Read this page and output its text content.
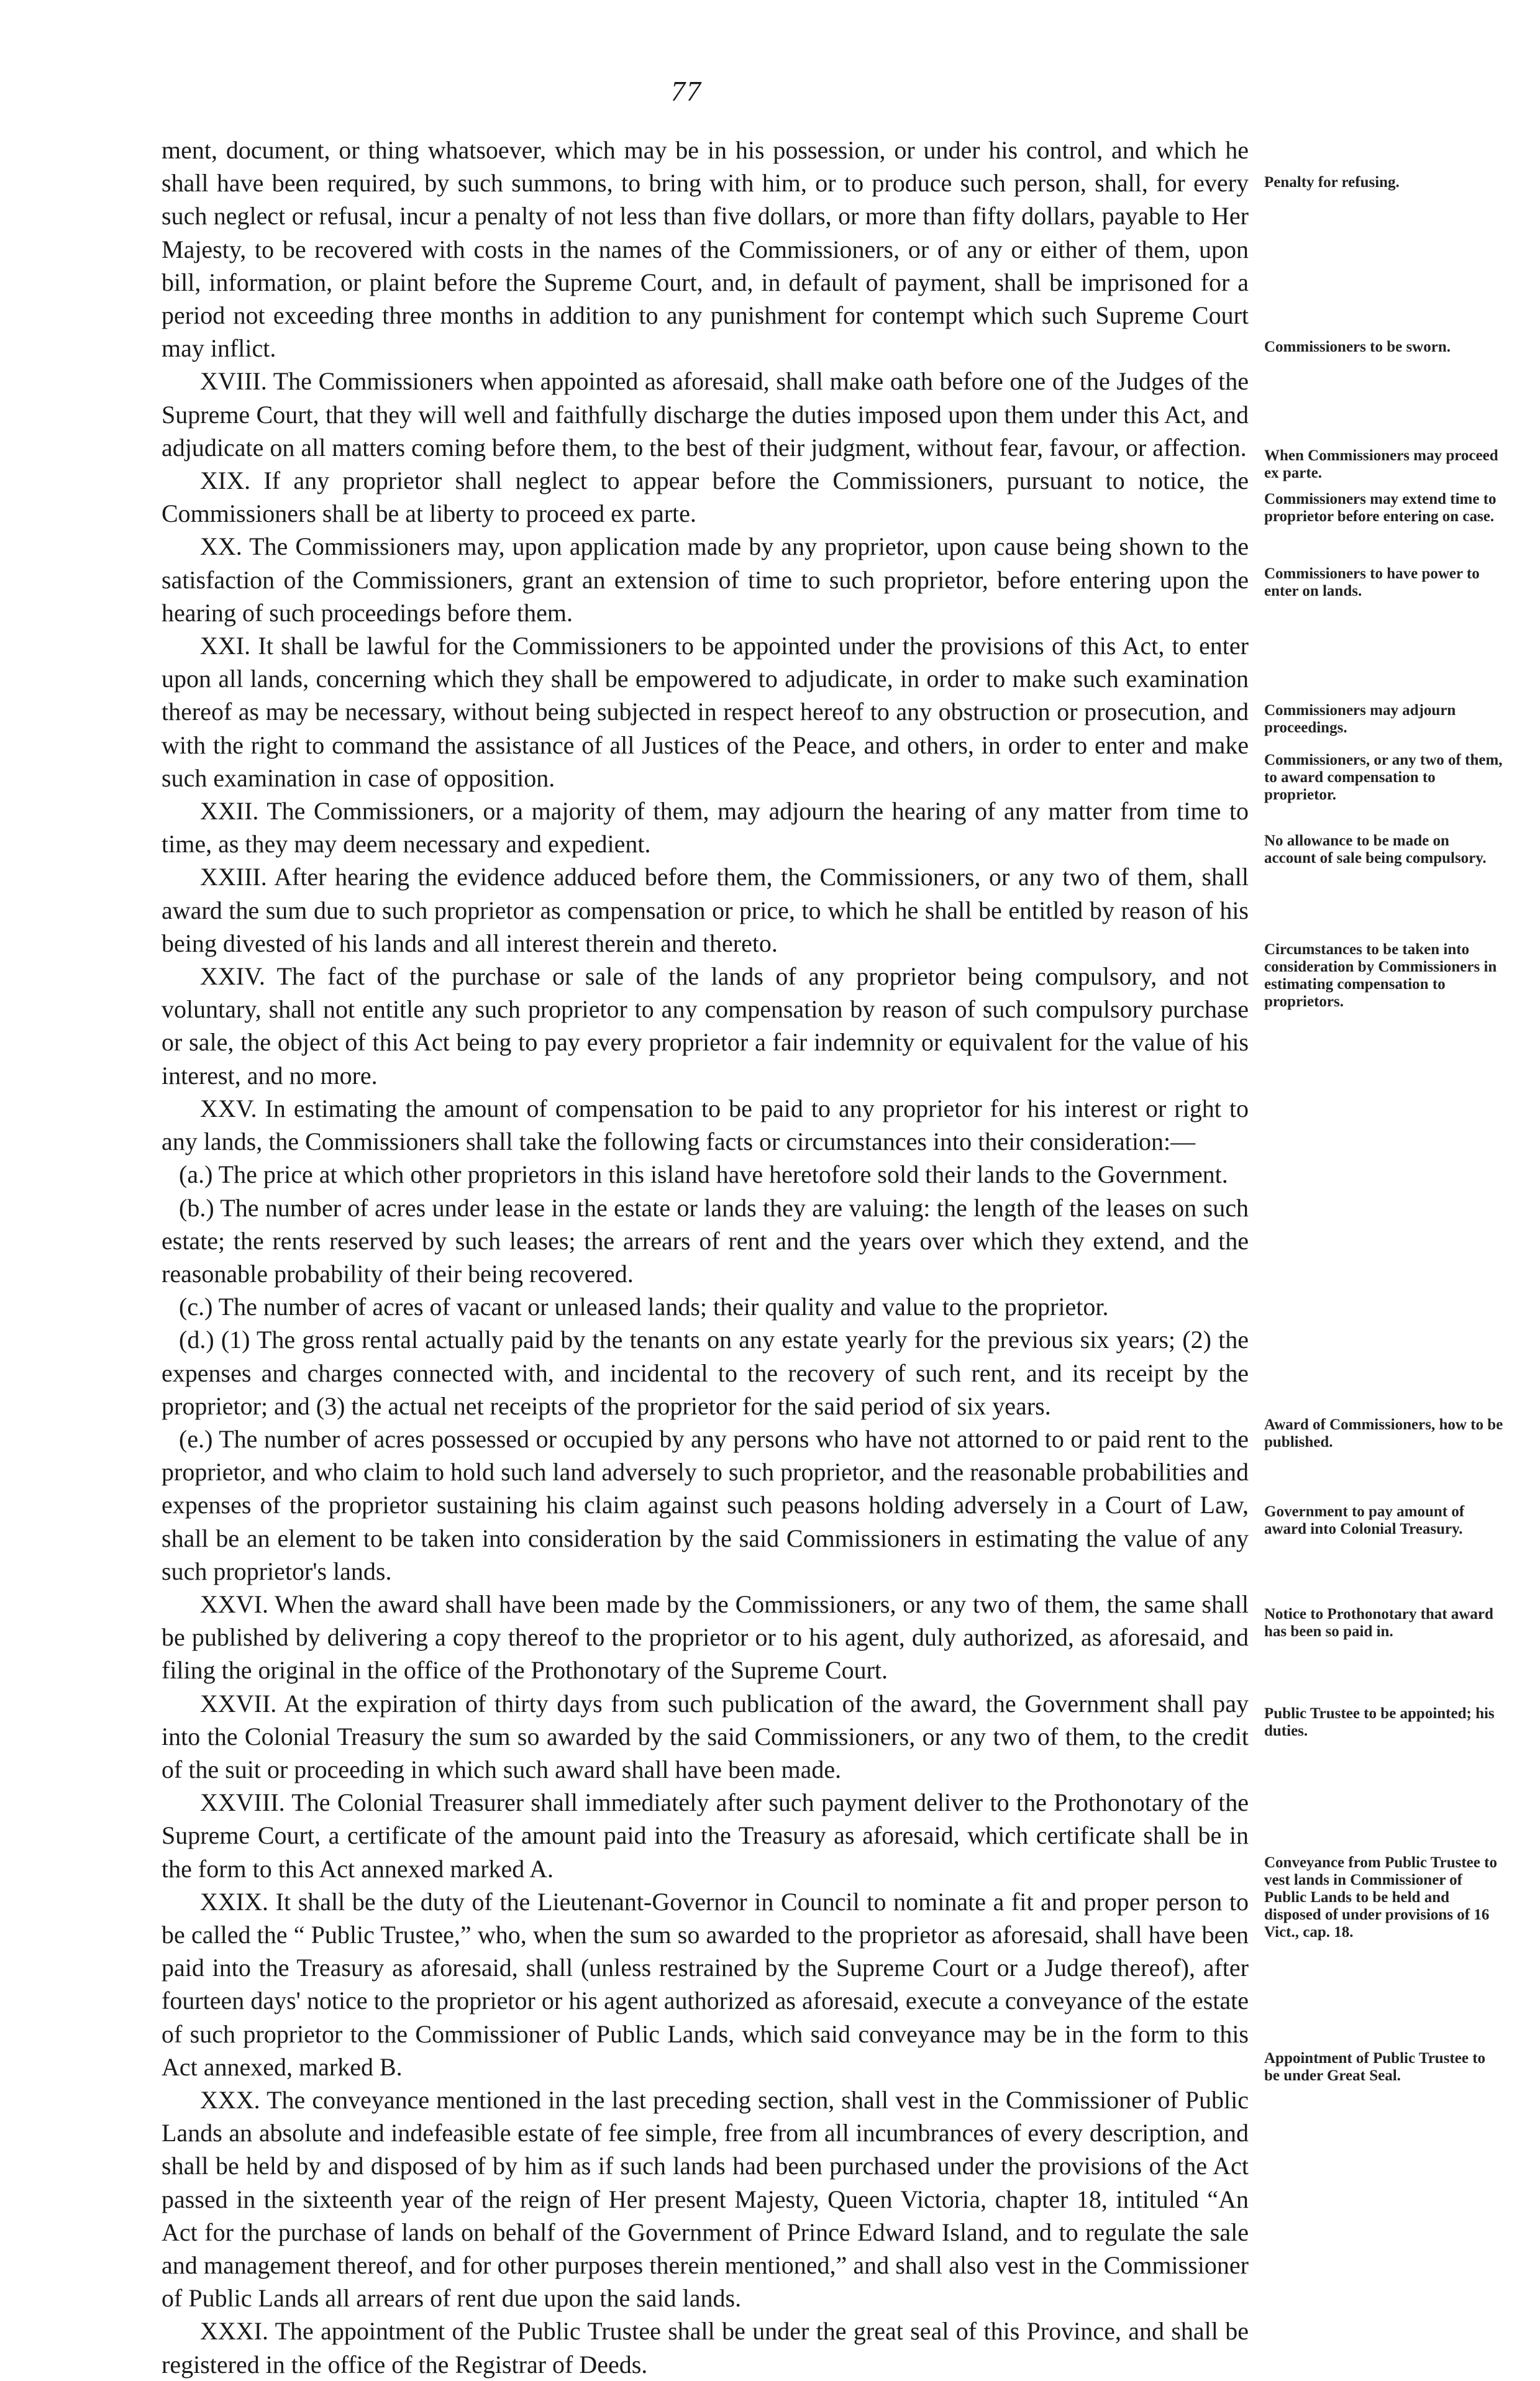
77

ment, document, or thing whatsoever, which may be in his possession, or under his control, and which he shall have been required, by such summons, to bring with him, or to produce such person, shall, for every such neglect or refusal, incur a penalty of not less than five dollars, or more than fifty dollars, payable to Her Majesty, to be recovered with costs in the names of the Commissioners, or of any or either of them, upon bill, information, or plaint before the Supreme Court, and, in default of payment, shall be imprisoned for a period not exceeding three months in addition to any punishment for contempt which such Supreme Court may inflict.

XVIII. The Commissioners when appointed as aforesaid, shall make oath before one of the Judges of the Supreme Court, that they will well and faithfully discharge the duties imposed upon them under this Act, and adjudicate on all matters coming before them, to the best of their judgment, without fear, favour, or affection.

XIX. If any proprietor shall neglect to appear before the Commissioners, pursuant to notice, the Commissioners shall be at liberty to proceed ex parte.

XX. The Commissioners may, upon application made by any proprietor, upon cause being shown to the satisfaction of the Commissioners, grant an extension of time to such proprietor, before entering upon the hearing of such proceedings before them.

XXI. It shall be lawful for the Commissioners to be appointed under the provisions of this Act, to enter upon all lands, concerning which they shall be empowered to adjudicate, in order to make such examination thereof as may be necessary, without being subjected in respect hereof to any obstruction or prosecution, and with the right to command the assistance of all Justices of the Peace, and others, in order to enter and make such examination in case of opposition.

XXII. The Commissioners, or a majority of them, may adjourn the hearing of any matter from time to time, as they may deem necessary and expedient.

XXIII. After hearing the evidence adduced before them, the Commissioners, or any two of them, shall award the sum due to such proprietor as compensation or price, to which he shall be entitled by reason of his being divested of his lands and all interest therein and thereto.

XXIV. The fact of the purchase or sale of the lands of any proprietor being compulsory, and not voluntary, shall not entitle any such proprietor to any compensation by reason of such compulsory purchase or sale, the object of this Act being to pay every proprietor a fair indemnity or equivalent for the value of his interest, and no more.

XXV. In estimating the amount of compensation to be paid to any proprietor for his interest or right to any lands, the Commissioners shall take the following facts or circumstances into their consideration:—

(a.) The price at which other proprietors in this island have heretofore sold their lands to the Government.

(b.) The number of acres under lease in the estate or lands they are valuing: the length of the leases on such estate; the rents reserved by such leases; the arrears of rent and the years over which they extend, and the reasonable probability of their being recovered.

(c.) The number of acres of vacant or unleased lands; their quality and value to the proprietor.

(d.) (1) The gross rental actually paid by the tenants on any estate yearly for the previous six years; (2) the expenses and charges connected with, and incidental to the recovery of such rent, and its receipt by the proprietor; and (3) the actual net receipts of the proprietor for the said period of six years.

(e.) The number of acres possessed or occupied by any persons who have not attorned to or paid rent to the proprietor, and who claim to hold such land adversely to such proprietor, and the reasonable probabilities and expenses of the proprietor sustaining his claim against such peasons holding adversely in a Court of Law, shall be an element to be taken into consideration by the said Commissioners in estimating the value of any such proprietor's lands.

XXVI. When the award shall have been made by the Commissioners, or any two of them, the same shall be published by delivering a copy thereof to the proprietor or to his agent, duly authorized, as aforesaid, and filing the original in the office of the Prothonotary of the Supreme Court.

XXVII. At the expiration of thirty days from such publication of the award, the Government shall pay into the Colonial Treasury the sum so awarded by the said Commissioners, or any two of them, to the credit of the suit or proceeding in which such award shall have been made.

XXVIII. The Colonial Treasurer shall immediately after such payment deliver to the Prothonotary of the Supreme Court, a certificate of the amount paid into the Treasury as aforesaid, which certificate shall be in the form to this Act annexed marked A.

XXIX. It shall be the duty of the Lieutenant-Governor in Council to nominate a fit and proper person to be called the “ Public Trustee,” who, when the sum so awarded to the proprietor as aforesaid, shall have been paid into the Treasury as aforesaid, shall (unless restrained by the Supreme Court or a Judge thereof), after fourteen days' notice to the proprietor or his agent authorized as aforesaid, execute a conveyance of the estate of such proprietor to the Commissioner of Public Lands, which said conveyance may be in the form to this Act annexed, marked B.

XXX. The conveyance mentioned in the last preceding section, shall vest in the Commissioner of Public Lands an absolute and indefeasible estate of fee simple, free from all incumbrances of every description, and shall be held by and disposed of by him as if such lands had been purchased under the provisions of the Act passed in the sixteenth year of the reign of Her present Majesty, Queen Victoria, chapter 18, intituled “An Act for the purchase of lands on behalf of the Government of Prince Edward Island, and to regulate the sale and management thereof, and for other purposes therein mentioned,” and shall also vest in the Commissioner of Public Lands all arrears of rent due upon the said lands.

XXXI. The appointment of the Public Trustee shall be under the great seal of this Province, and shall be registered in the office of the Registrar of Deeds.

Penalty for refusing.
Commissioners to be sworn.
When Commissioners may proceed ex parte.
Commissioners may extend time to proprietor before entering on case.
Commissioners to have power to enter on lands.
Commissioners may adjourn proceedings.
Commissioners, or any two of them, to award compensation to proprietor.
No allowance to be made on account of sale being compulsory.
Circumstances to be taken into consideration by Commissioners in estimating compensation to proprietors.
Award of Commissioners, how to be published.
Government to pay amount of award into Colonial Treasury.
Notice to Prothonotary that award has been so paid in.
Public Trustee to be appointed; his duties.
Conveyance from Public Trustee to vest lands in Commissioner of Public Lands to be held and disposed of under provisions of 16 Vict., cap. 18.
Appointment of Public Trustee to be under Great Seal.
